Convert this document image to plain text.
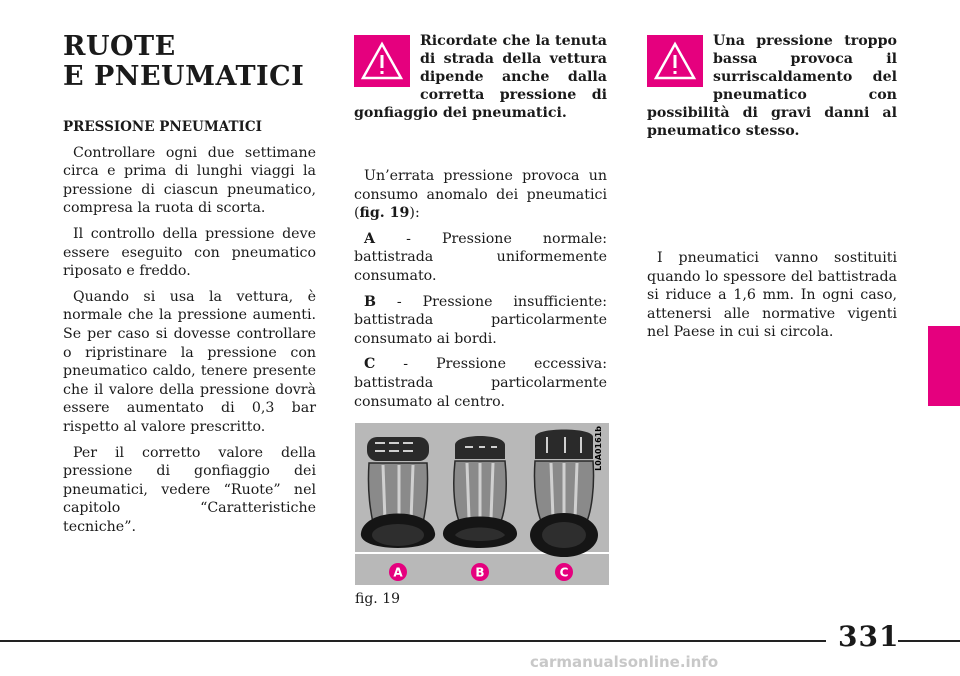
RUOTE
E PNEUMATICI

PRESSIONE PNEUMATICI

Controllare ogni due settimane circa e prima di lunghi viaggi la pressione di ciascun pneumatico, compresa la ruota di scorta.

Il controllo della pressione deve essere eseguito con pneumatico riposato e freddo.

Quando si usa la vettura, è normale che la pressione aumenti. Se per caso si dovesse controllare o ripristinare la pressione con pneumatico caldo, tenere presente che il valore della pressione dovrà essere aumentato di 0,3 bar rispetto al valore prescritto.

Per il corretto valore della pressione di gonfiaggio dei pneumatici, vedere “Ruote” nel capitolo “Caratteristiche tecniche”.

Ricordate che la tenuta di strada della vettura dipende anche dalla corretta pressione di gonfiaggio dei pneumatici.

Un’errata pressione provoca un consumo anomalo dei pneumatici (fig. 19):

A - Pressione normale: battistrada uniformemente consumato.

B - Pressione insufficiente: battistrada particolarmente consumato ai bordi.

C - Pressione eccessiva: battistrada particolarmente consumato al centro.

Una pressione troppo bassa provoca il surriscaldamento del pneumatico con possibilità di gravi danni al pneumatico stesso.

I pneumatici vanno sostituiti quando lo spessore del battistrada si riduce a 1,6 mm. In ogni caso, attenersi alle normative vigenti nel Paese in cui si circola.

A	B	C
L0A0161b
fig. 19
331
carmanualsonline.info
